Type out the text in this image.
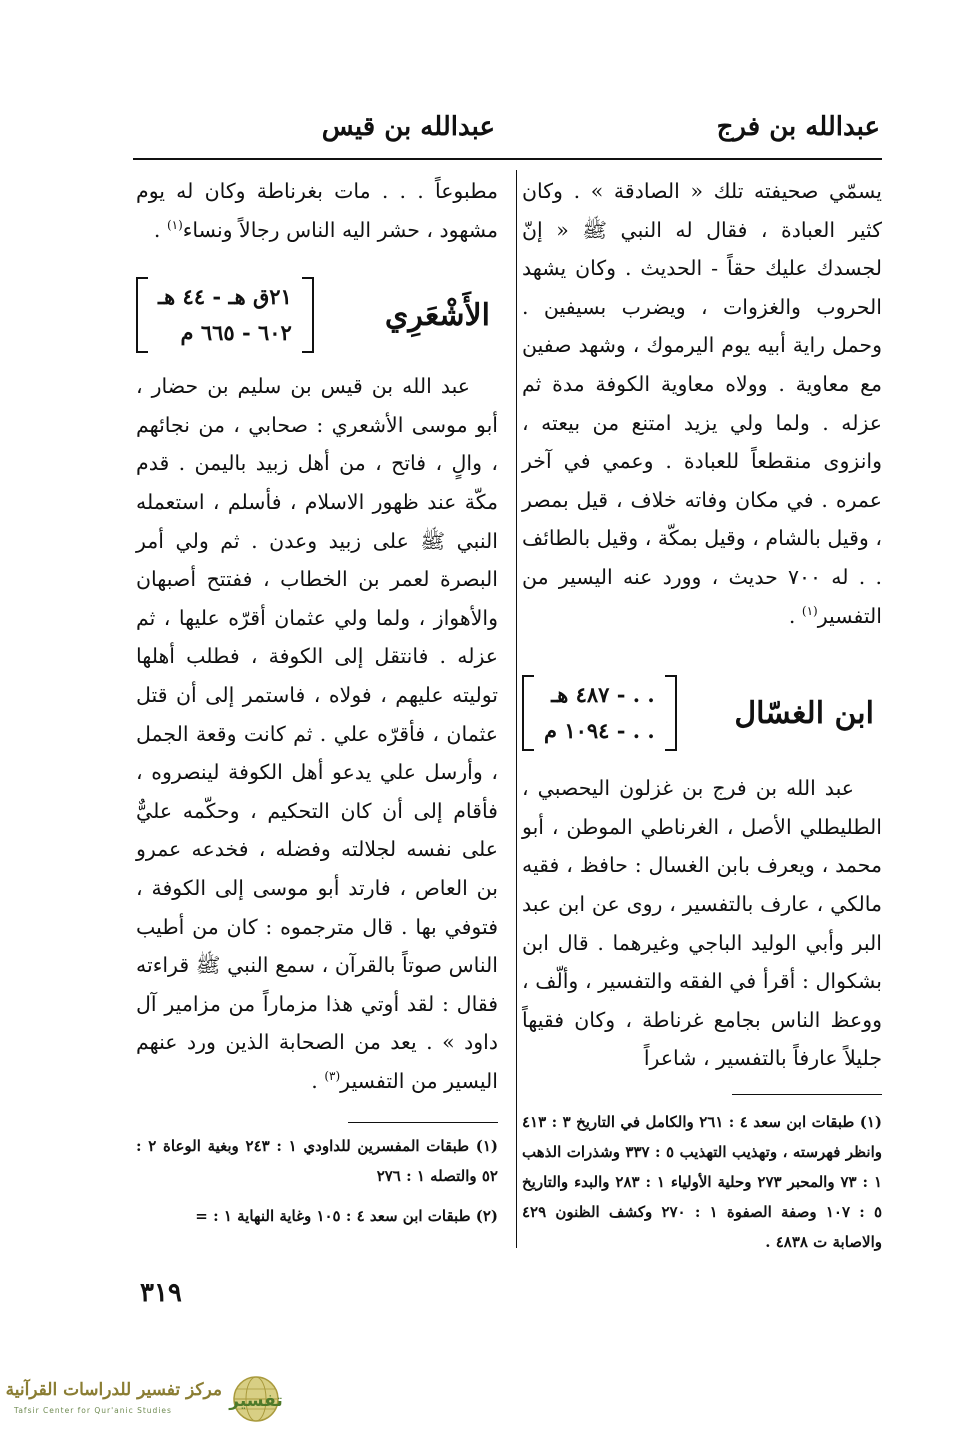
عبدالله بن فرج
عبدالله بن قيس

يسمّي صحيفته تلك « الصادقة » . وكان كثير العبادة ، فقال له النبي ﷺ « إنّ لجسدك عليك حقاً - الحديث . وكان يشهد الحروب والغزوات ، ويضرب بسيفين . وحمل راية أبيه يوم اليرموك ، وشهد صفين مع معاوية . وولاه معاوية الكوفة مدة ثم عزله . ولما ولي يزيد امتنع من بيعته ، وانزوى منقطعاً للعبادة . وعمي في آخر عمره . في مكان وفاته خلاف ، قيل بمصر ، وقيل بالشام ، وقيل بمكّة ، وقيل بالطائف . . له ٧٠٠ حديث ، وورد عنه اليسير من التفسير$^{(١)}$ .

ابن الغسّال
. . - ٤٨٧ هـ
. . - ١٠٩٤ م

عبد الله بن فرج بن غزلون اليحصبي ، الطليطلي الأصل ، الغرناطي الموطن ، أبو محمد ، ويعرف بابن الغسال : حافظ ، فقيه مالكي ، عارف بالتفسير ، روى عن ابن عبد البر وأبي الوليد الباجي وغيرهما . قال ابن بشكوال : أقرأ في الفقه والتفسير ، وألّف ، ووعظ الناس بجامع غرناطة ، وكان فقيهاً جليلاً عارفاً بالتفسير ، شاعراً

(١) طبقات ابن سعد ٤ : ٢٦١ والكامل في التاريخ ٣ : ٤١٣ وانظر فهرسته ، وتهذيب التهذيب ٥ : ٣٣٧ وشذرات الذهب ١ : ٧٣ والمحبر ٢٧٣ وحلية الأولياء ١ : ٢٨٣ والبدء والتاريخ ٥ : ١٠٧ وصفة الصفوة ١ : ٢٧٠ وكشف الظنون ٤٢٩ والاصابة ت ٤٨٣٨ .

مطبوعاً . . . مات بغرناطة وكان له يوم مشهود ، حشر اليه الناس رجالاً ونساء$^{(١)}$ .

الأَشْعَرِي
٢١ق هـ - ٤٤ هـ
٦٠٢ - ٦٦٥ م

عبد الله بن قيس بن سليم بن حضار ، أبو موسى الأشعري : صحابي ، من نجائهم ، والٍ ، فاتح ، من أهل زبيد باليمن . قدم مكّة عند ظهور الاسلام ، فأسلم ، استعمله النبي ﷺ على زبيد وعدن . ثم ولي أمر البصرة لعمر بن الخطاب ، ففتتح أصبهان والأهواز ، ولما ولي عثمان أقرّه عليها ، ثم عزله . فانتقل إلى الكوفة ، فطلب أهلها توليته عليهم ، فولاه ، فاستمر إلى أن قتل عثمان ، فأقرّه علي . ثم كانت وقعة الجمل ، وأرسل علي يدعو أهل الكوفة لينصروه ، فأقام إلى أن كان التحكيم ، وحكّمه عليٌّ على نفسه لجلالته وفضله ، فخدعه عمرو بن العاص ، فارتد أبو موسى إلى الكوفة ، فتوفي بها . قال مترجموه : كان من أطيب الناس صوتاً بالقرآن ، سمع النبي ﷺ قراءته فقال : لقد أوتي هذا مزماراً من مزامير آل داود » . يعد من الصحابة الذين ورد عنهم اليسير من التفسير$^{(٣)}$ .

(١) طبقات المفسرين للداودي ١ : ٢٤٣ وبغية الوعاة ٢ : ٥٢ والتصله ١ : ٢٧٦

(٢) طبقات ابن سعد ٤ : ١٠٥ وغاية النهاية ١ : =

٣١٩
مركز تفسير للدراسات القرآنية
Tafsir Center for Qur'anic Studies	تفسير
